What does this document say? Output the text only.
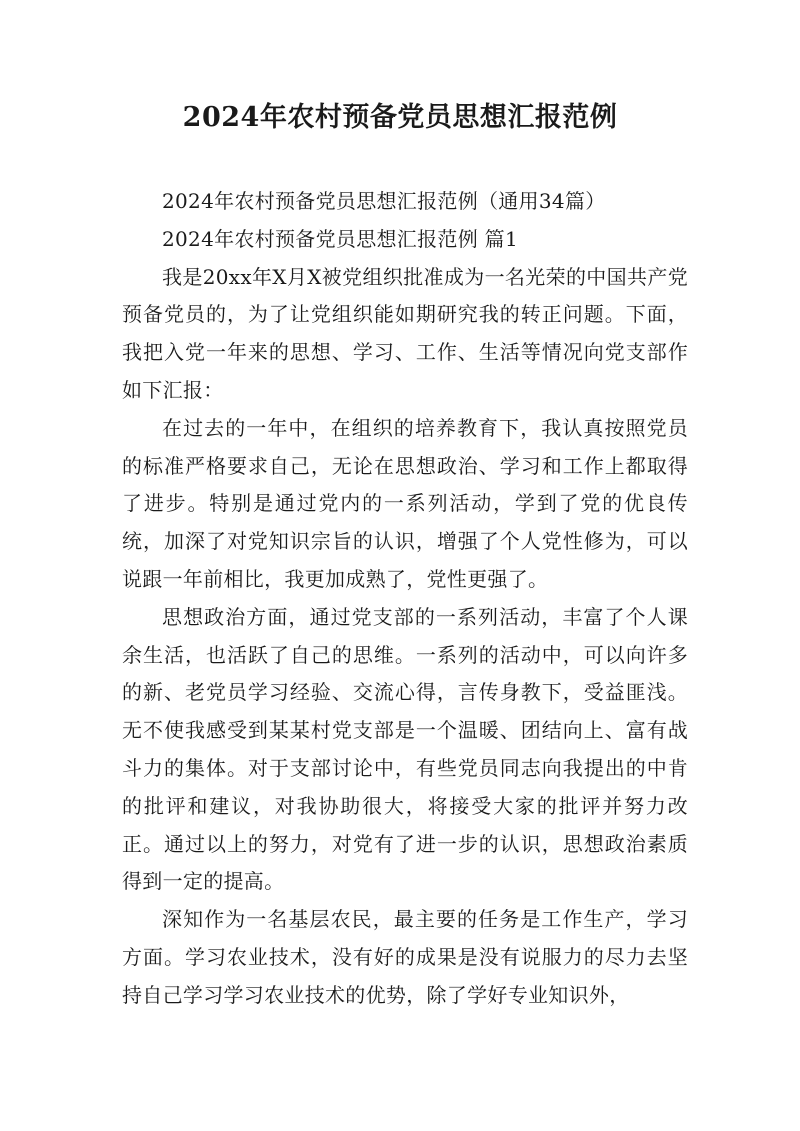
2024年农村预备党员思想汇报范例

2024年农村预备党员思想汇报范例（通用34篇）

2024年农村预备党员思想汇报范例 篇1

我是20xx年X月X被党组织批准成为一名光荣的中国共产党预备党员的，为了让党组织能如期研究我的转正问题。下面，我把入党一年来的思想、学习、工作、生活等情况向党支部作如下汇报：

在过去的一年中，在组织的培养教育下，我认真按照党员的标准严格要求自己，无论在思想政治、学习和工作上都取得了进步。特别是通过党内的一系列活动，学到了党的优良传统，加深了对党知识宗旨的认识，增强了个人党性修为，可以说跟一年前相比，我更加成熟了，党性更强了。

思想政治方面，通过党支部的一系列活动，丰富了个人课余生活，也活跃了自己的思维。一系列的活动中，可以向许多的新、老党员学习经验、交流心得，言传身教下，受益匪浅。无不使我感受到某某村党支部是一个温暖、团结向上、富有战斗力的集体。对于支部讨论中，有些党员同志向我提出的中肯的批评和建议，对我协助很大，将接受大家的批评并努力改正。通过以上的努力，对党有了进一步的认识，思想政治素质得到一定的提高。

深知作为一名基层农民，最主要的任务是工作生产，学习方面。学习农业技术，没有好的成果是没有说服力的尽力去坚持自己学习学习农业技术的优势，除了学好专业知识外，
